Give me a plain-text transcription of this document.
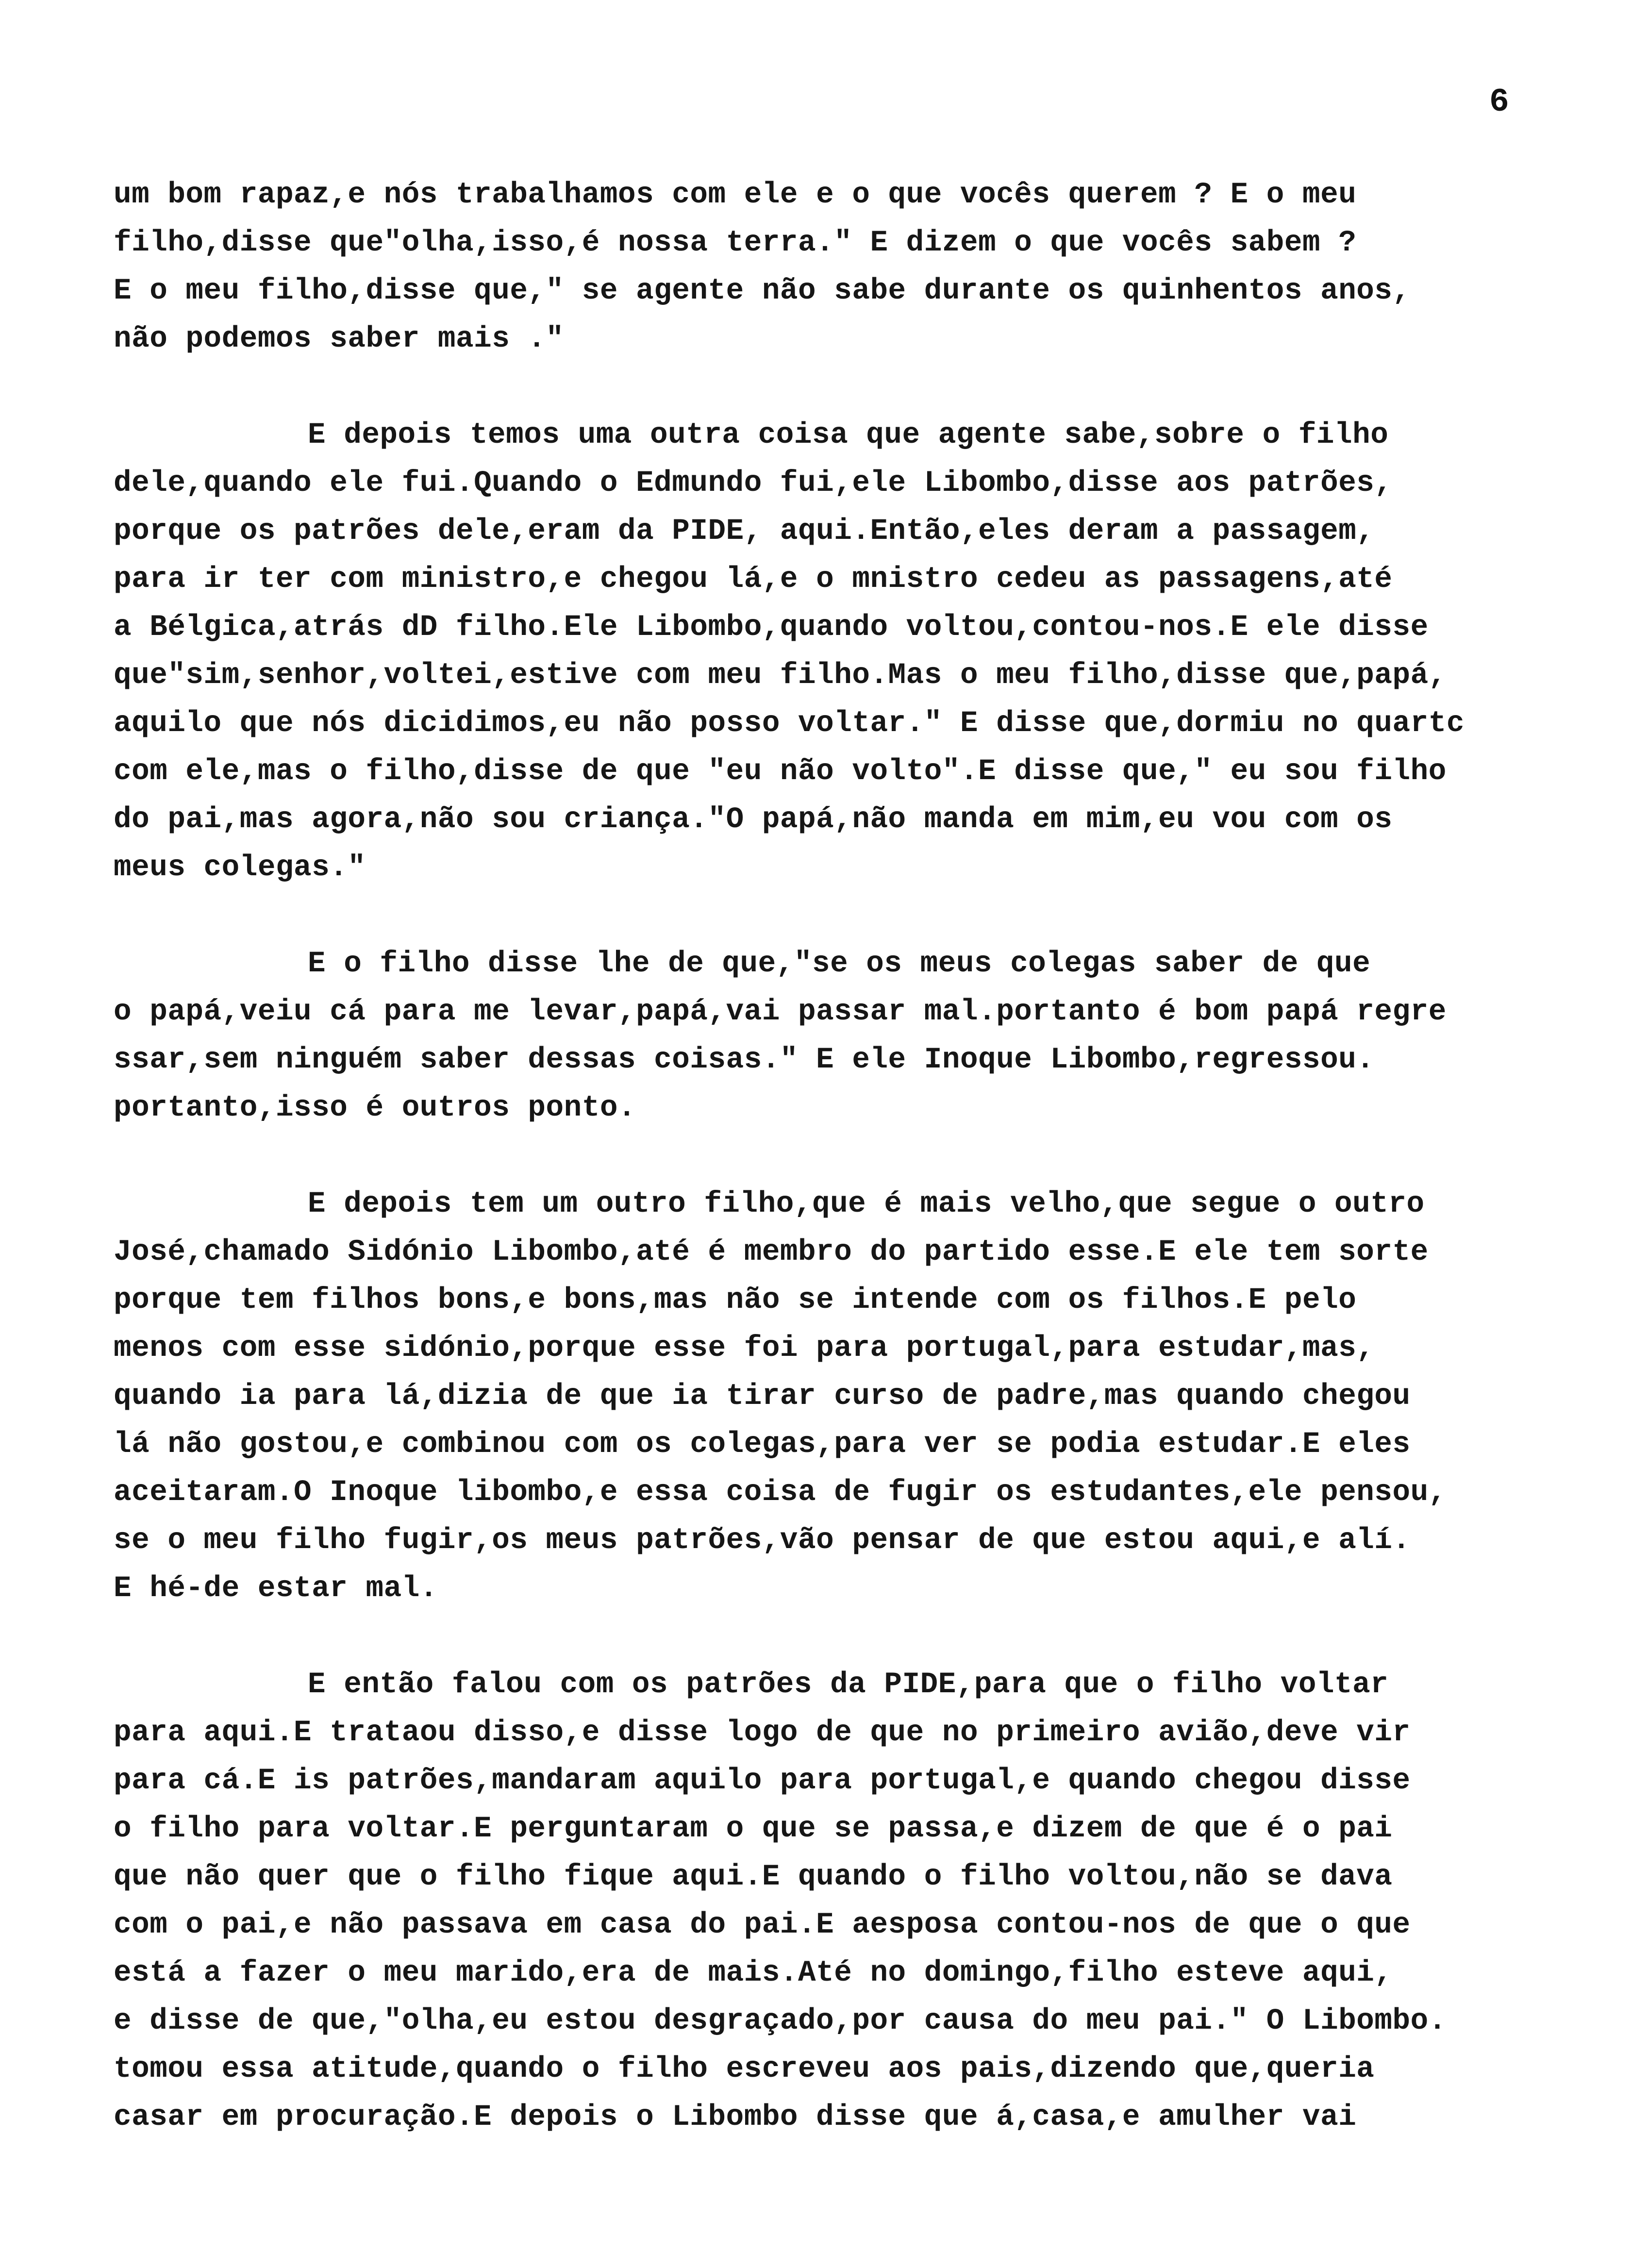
6
um bom rapaz,e nós trabalhamos com ele e o que vocês querem ? E o meu
filho,disse que"olha,isso,é nossa terra." E dizem o que vocês sabem ?
E o meu filho,disse que," se agente não sabe durante os quinhentos anos,
não podemos saber mais ."
E depois temos uma outra coisa que agente sabe,sobre o filho
dele,quando ele fui.Quando o Edmundo fui,ele Libombo,disse aos patrões,
porque os patrões dele,eram da PIDE, aqui.Então,eles deram a passagem,
para ir ter com ministro,e chegou lá,e o mnistro cedeu as passagens,até
a Bélgica,atrás dD filho.Ele Libombo,quando voltou,contou-nos.E ele disse
que"sim,senhor,voltei,estive com meu filho.Mas o meu filho,disse que,papá,
aquilo que nós dicidimos,eu não posso voltar." E disse que,dormiu no quartc
com ele,mas o filho,disse de que "eu não volto".E disse que," eu sou filho
do pai,mas agora,não sou criança."O papá,não manda em mim,eu vou com os
meus colegas."
E o filho disse lhe de que,"se os meus colegas saber de que
o papá,veiu cá para me levar,papá,vai passar mal.portanto é bom papá regre
ssar,sem ninguém saber dessas coisas." E ele Inoque Libombo,regressou.
portanto,isso é outros ponto.
E depois tem um outro filho,que é mais velho,que segue o outro
José,chamado Sidónio Libombo,até é membro do partido esse.E ele tem sorte
porque tem filhos bons,e bons,mas não se intende com os filhos.E pelo
menos com esse sidónio,porque esse foi para portugal,para estudar,mas,
quando ia para lá,dizia de que ia tirar curso de padre,mas quando chegou
lá não gostou,e combinou com os colegas,para ver se podia estudar.E eles
aceitaram.O Inoque libombo,e essa coisa de fugir os estudantes,ele pensou,
se o meu filho fugir,os meus patrões,vão pensar de que estou aqui,e alí.
E hé-de estar mal.
E então falou com os patrões da PIDE,para que o filho voltar
para aqui.E trataou disso,e disse logo de que no primeiro avião,deve vir
para cá.E is patrões,mandaram aquilo para portugal,e quando chegou disse
o filho para voltar.E perguntaram o que se passa,e dizem de que é o pai
que não quer que o filho fique aqui.E quando o filho voltou,não se dava
com o pai,e não passava em casa do pai.E aesposa contou-nos de que o que
está a fazer o meu marido,era de mais.Até no domingo,filho esteve aqui,
e disse de que,"olha,eu estou desgraçado,por causa do meu pai." O Libombo.
tomou essa atitude,quando o filho escreveu aos pais,dizendo que,queria
casar em procuração.E depois o Libombo disse que á,casa,e amulher vai
